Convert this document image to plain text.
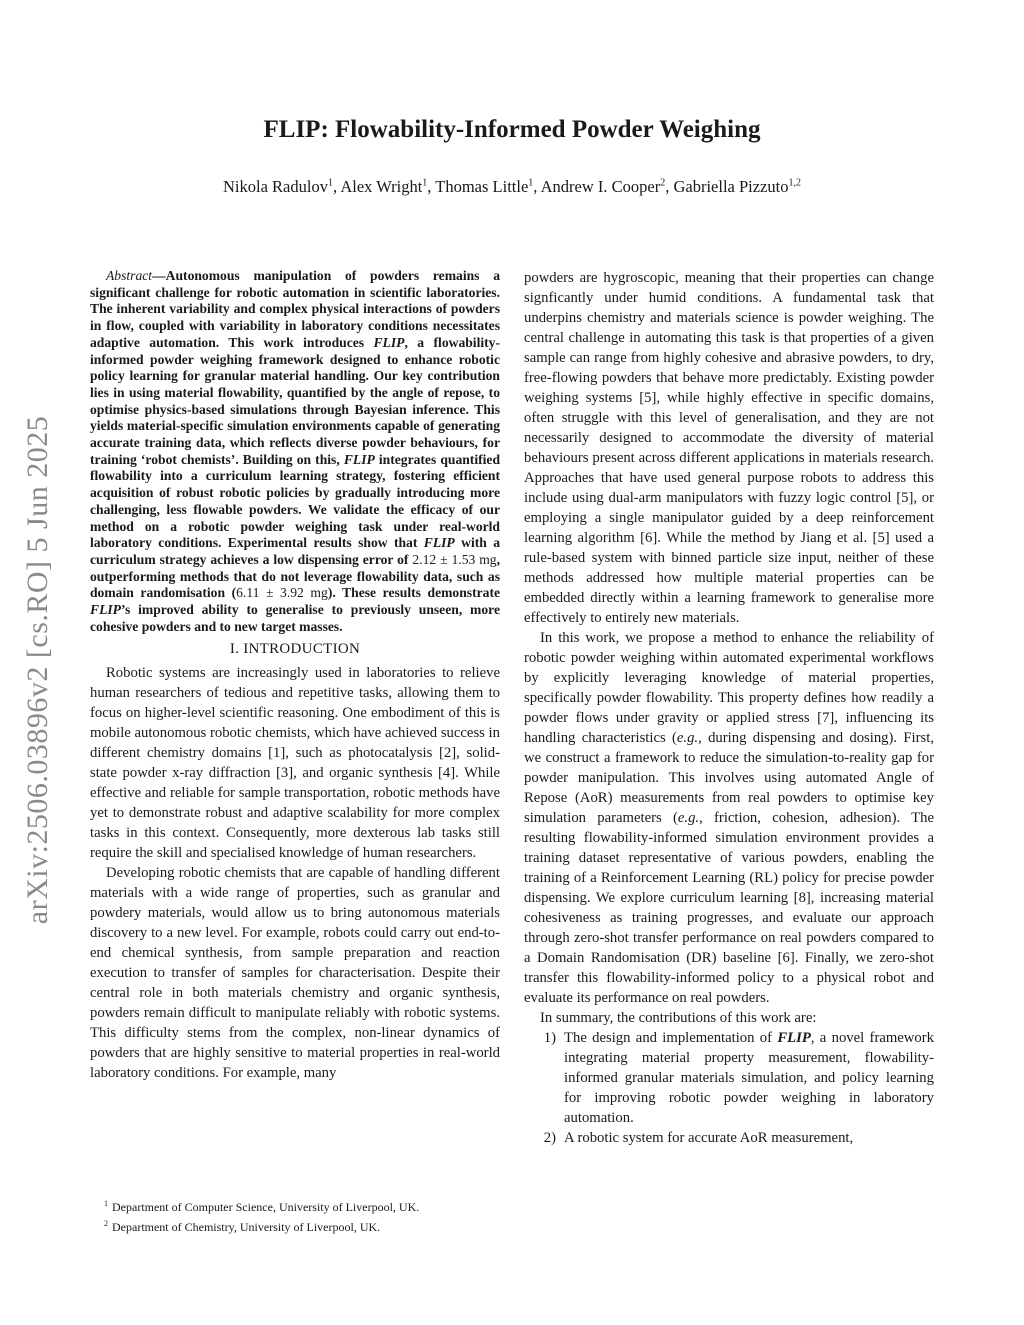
arXiv:2506.03896v2 [cs.RO] 5 Jun 2025
FLIP: Flowability-Informed Powder Weighing
Nikola Radulov$^1$, Alex Wright$^1$, Thomas Little$^1$, Andrew I. Cooper$^2$, Gabriella Pizzuto$^{1,2}$

Abstract—Autonomous manipulation of powders remains a significant challenge for robotic automation in scientific laboratories. The inherent variability and complex physical interactions of powders in flow, coupled with variability in laboratory conditions necessitates adaptive automation. This work introduces FLIP, a flowability-informed powder weighing framework designed to enhance robotic policy learning for granular material handling. Our key contribution lies in using material flowability, quantified by the angle of repose, to optimise physics-based simulations through Bayesian inference. This yields material-specific simulation environments capable of generating accurate training data, which reflects diverse powder behaviours, for training ‘robot chemists’. Building on this, FLIP integrates quantified flowability into a curriculum learning strategy, fostering efficient acquisition of robust robotic policies by gradually introducing more challenging, less flowable powders. We validate the efficacy of our method on a robotic powder weighing task under real-world laboratory conditions. Experimental results show that FLIP with a curriculum strategy achieves a low dispensing error of 2.12 ± 1.53 mg, outperforming methods that do not leverage flowability data, such as domain randomisation (6.11 ± 3.92 mg). These results demonstrate FLIP’s improved ability to generalise to previously unseen, more cohesive powders and to new target masses.

I. INTRODUCTION

Robotic systems are increasingly used in laboratories to relieve human researchers of tedious and repetitive tasks, allowing them to focus on higher-level scientific reasoning. One embodiment of this is mobile autonomous robotic chemists, which have achieved success in different chemistry domains [1], such as photocatalysis [2], solid-state powder x-ray diffraction [3], and organic synthesis [4]. While effective and reliable for sample transportation, robotic methods have yet to demonstrate robust and adaptive scalability for more complex tasks in this context. Consequently, more dexterous lab tasks still require the skill and specialised knowledge of human researchers.

Developing robotic chemists that are capable of handling different materials with a wide range of properties, such as granular and powdery materials, would allow us to bring autonomous materials discovery to a new level. For example, robots could carry out end-to-end chemical synthesis, from sample preparation and reaction execution to transfer of samples for characterisation. Despite their central role in both materials chemistry and organic synthesis, powders remain difficult to manipulate reliably with robotic systems. This difficulty stems from the complex, non-linear dynamics of powders that are highly sensitive to material properties in real-world laboratory conditions. For example, many

powders are hygroscopic, meaning that their properties can change signficantly under humid conditions. A fundamental task that underpins chemistry and materials science is powder weighing. The central challenge in automating this task is that properties of a given sample can range from highly cohesive and abrasive powders, to dry, free-flowing powders that behave more predictably. Existing powder weighing systems [5], while highly effective in specific domains, often struggle with this level of generalisation, and they are not necessarily designed to accommodate the diversity of material behaviours present across different applications in materials research. Approaches that have used general purpose robots to address this include using dual-arm manipulators with fuzzy logic control [5], or employing a single manipulator guided by a deep reinforcement learning algorithm [6]. While the method by Jiang et al. [5] used a rule-based system with binned particle size input, neither of these methods addressed how multiple material properties can be embedded directly within a learning framework to generalise more effectively to entirely new materials.

In this work, we propose a method to enhance the reliability of robotic powder weighing within automated experimental workflows by explicitly leveraging knowledge of material properties, specifically powder flowability. This property defines how readily a powder flows under gravity or applied stress [7], influencing its handling characteristics (e.g., during dispensing and dosing). First, we construct a framework to reduce the simulation-to-reality gap for powder manipulation. This involves using automated Angle of Repose (AoR) measurements from real powders to optimise key simulation parameters (e.g., friction, cohesion, adhesion). The resulting flowability-informed simulation environment provides a training dataset representative of various powders, enabling the training of a Reinforcement Learning (RL) policy for precise powder dispensing. We explore curriculum learning [8], increasing material cohesiveness as training progresses, and evaluate our approach through zero-shot transfer performance on real powders compared to a Domain Randomisation (DR) baseline [6]. Finally, we zero-shot transfer this flowability-informed policy to a physical robot and evaluate its performance on real powders.

In summary, the contributions of this work are:

1) The design and implementation of FLIP, a novel framework integrating material property measurement, flowability-informed granular materials simulation, and policy learning for improving robotic powder weighing in laboratory automation.
2) A robotic system for accurate AoR measurement,
$^1$ Department of Computer Science, University of Liverpool, UK.
$^2$ Department of Chemistry, University of Liverpool, UK.
